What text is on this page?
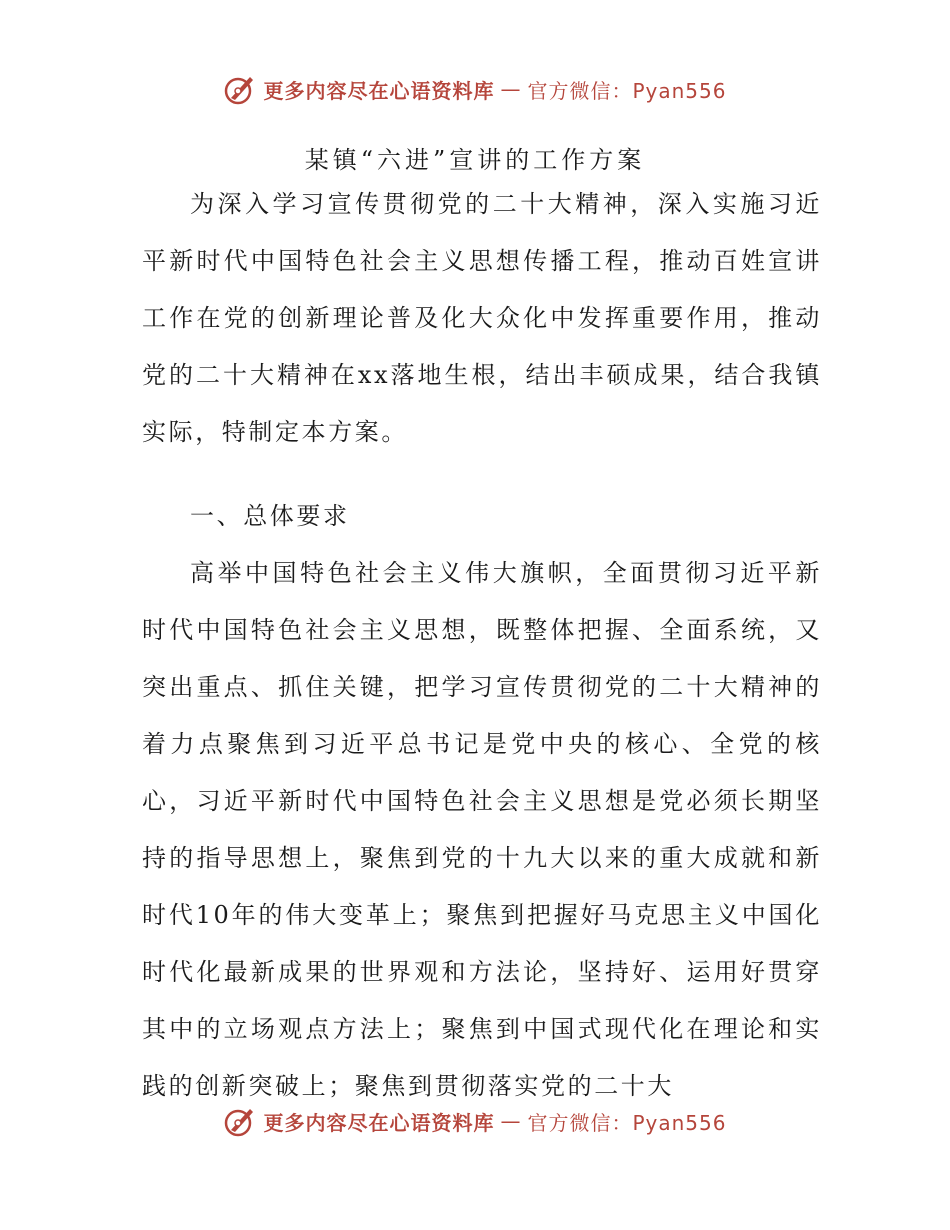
更多内容尽在心语资料库 — 官方微信：Pyan556
某镇“六进”宣讲的工作方案

为深入学习宣传贯彻党的二十大精神，深入实施习近平新时代中国特色社会主义思想传播工程，推动百姓宣讲工作在党的创新理论普及化大众化中发挥重要作用，推动党的二十大精神在xx落地生根，结出丰硕成果，结合我镇实际，特制定本方案。

一、总体要求

高举中国特色社会主义伟大旗帜，全面贯彻习近平新时代中国特色社会主义思想，既整体把握、全面系统，又突出重点、抓住关键，把学习宣传贯彻党的二十大精神的着力点聚焦到习近平总书记是党中央的核心、全党的核心，习近平新时代中国特色社会主义思想是党必须长期坚持的指导思想上，聚焦到党的十九大以来的重大成就和新时代10年的伟大变革上；聚焦到把握好马克思主义中国化时代化最新成果的世界观和方法论，坚持好、运用好贯穿其中的立场观点方法上；聚焦到中国式现代化在理论和实践的创新突破上；聚焦到贯彻落实党的二十大

更多内容尽在心语资料库 — 官方微信：Pyan556
